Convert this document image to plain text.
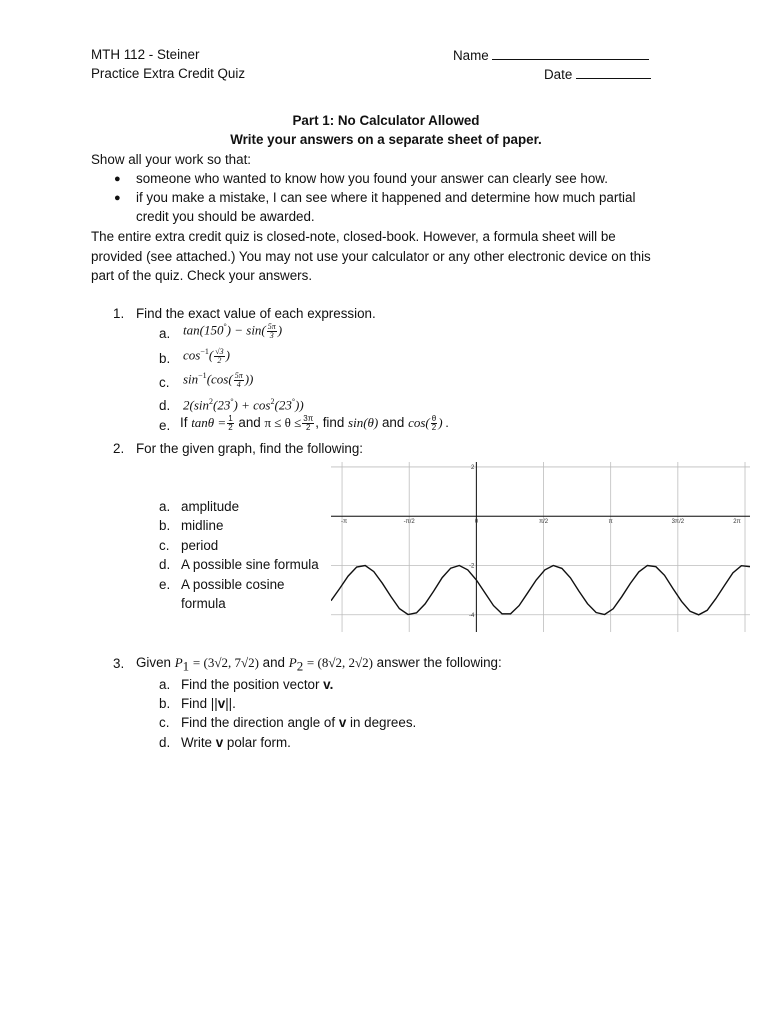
MTH 112 - Steiner
Practice Extra Credit Quiz
Name
Date
Part 1: No Calculator Allowed
Write your answers on a separate sheet of paper.
Show all your work so that:
● someone who wanted to know how you found your answer can clearly see how.
● if you make a mistake, I can see where it happened and determine how much partial
credit you should be awarded.
The entire extra credit quiz is closed-note, closed-book. However, a formula sheet will be
provided (see attached.) You may not use your calculator or any other electronic device on this
part of the quiz. Check your answers.
1. Find the exact value of each expression.
a. $\tan(150^\circ) - \sin( \frac{5\pi}{3}$ )
b. $\cos^{-1}( \frac{√3}{2}$ )
c. $\sin^{-1}(\cos( \frac{5\pi}{4}$ ))
d. $2(\sin^2(23^\circ) + \cos^2(23^\circ))$
e. If $\tan\theta = \frac{1}{2}$ and $\pi \le \theta \le \frac{3\pi}{2}$ , find sin(θ) and $\cos( \frac{\theta}{2}$ ) .
2. For the given graph, find the following:
a. amplitude
b. midline
c. period
d. A possible sine formula
e. A possible cosine
formula
-π	-π/2	0	π/2	π	3π/2	2π
2
-2
-4
3. Given $P_1 = (3√2$, 7√2) and $P_2 = (8√2$, 2√2) answer the following:
a. Find the position vector v.
b. Find ||v||.
c. Find the direction angle of v in degrees.
d. Write v polar form.
